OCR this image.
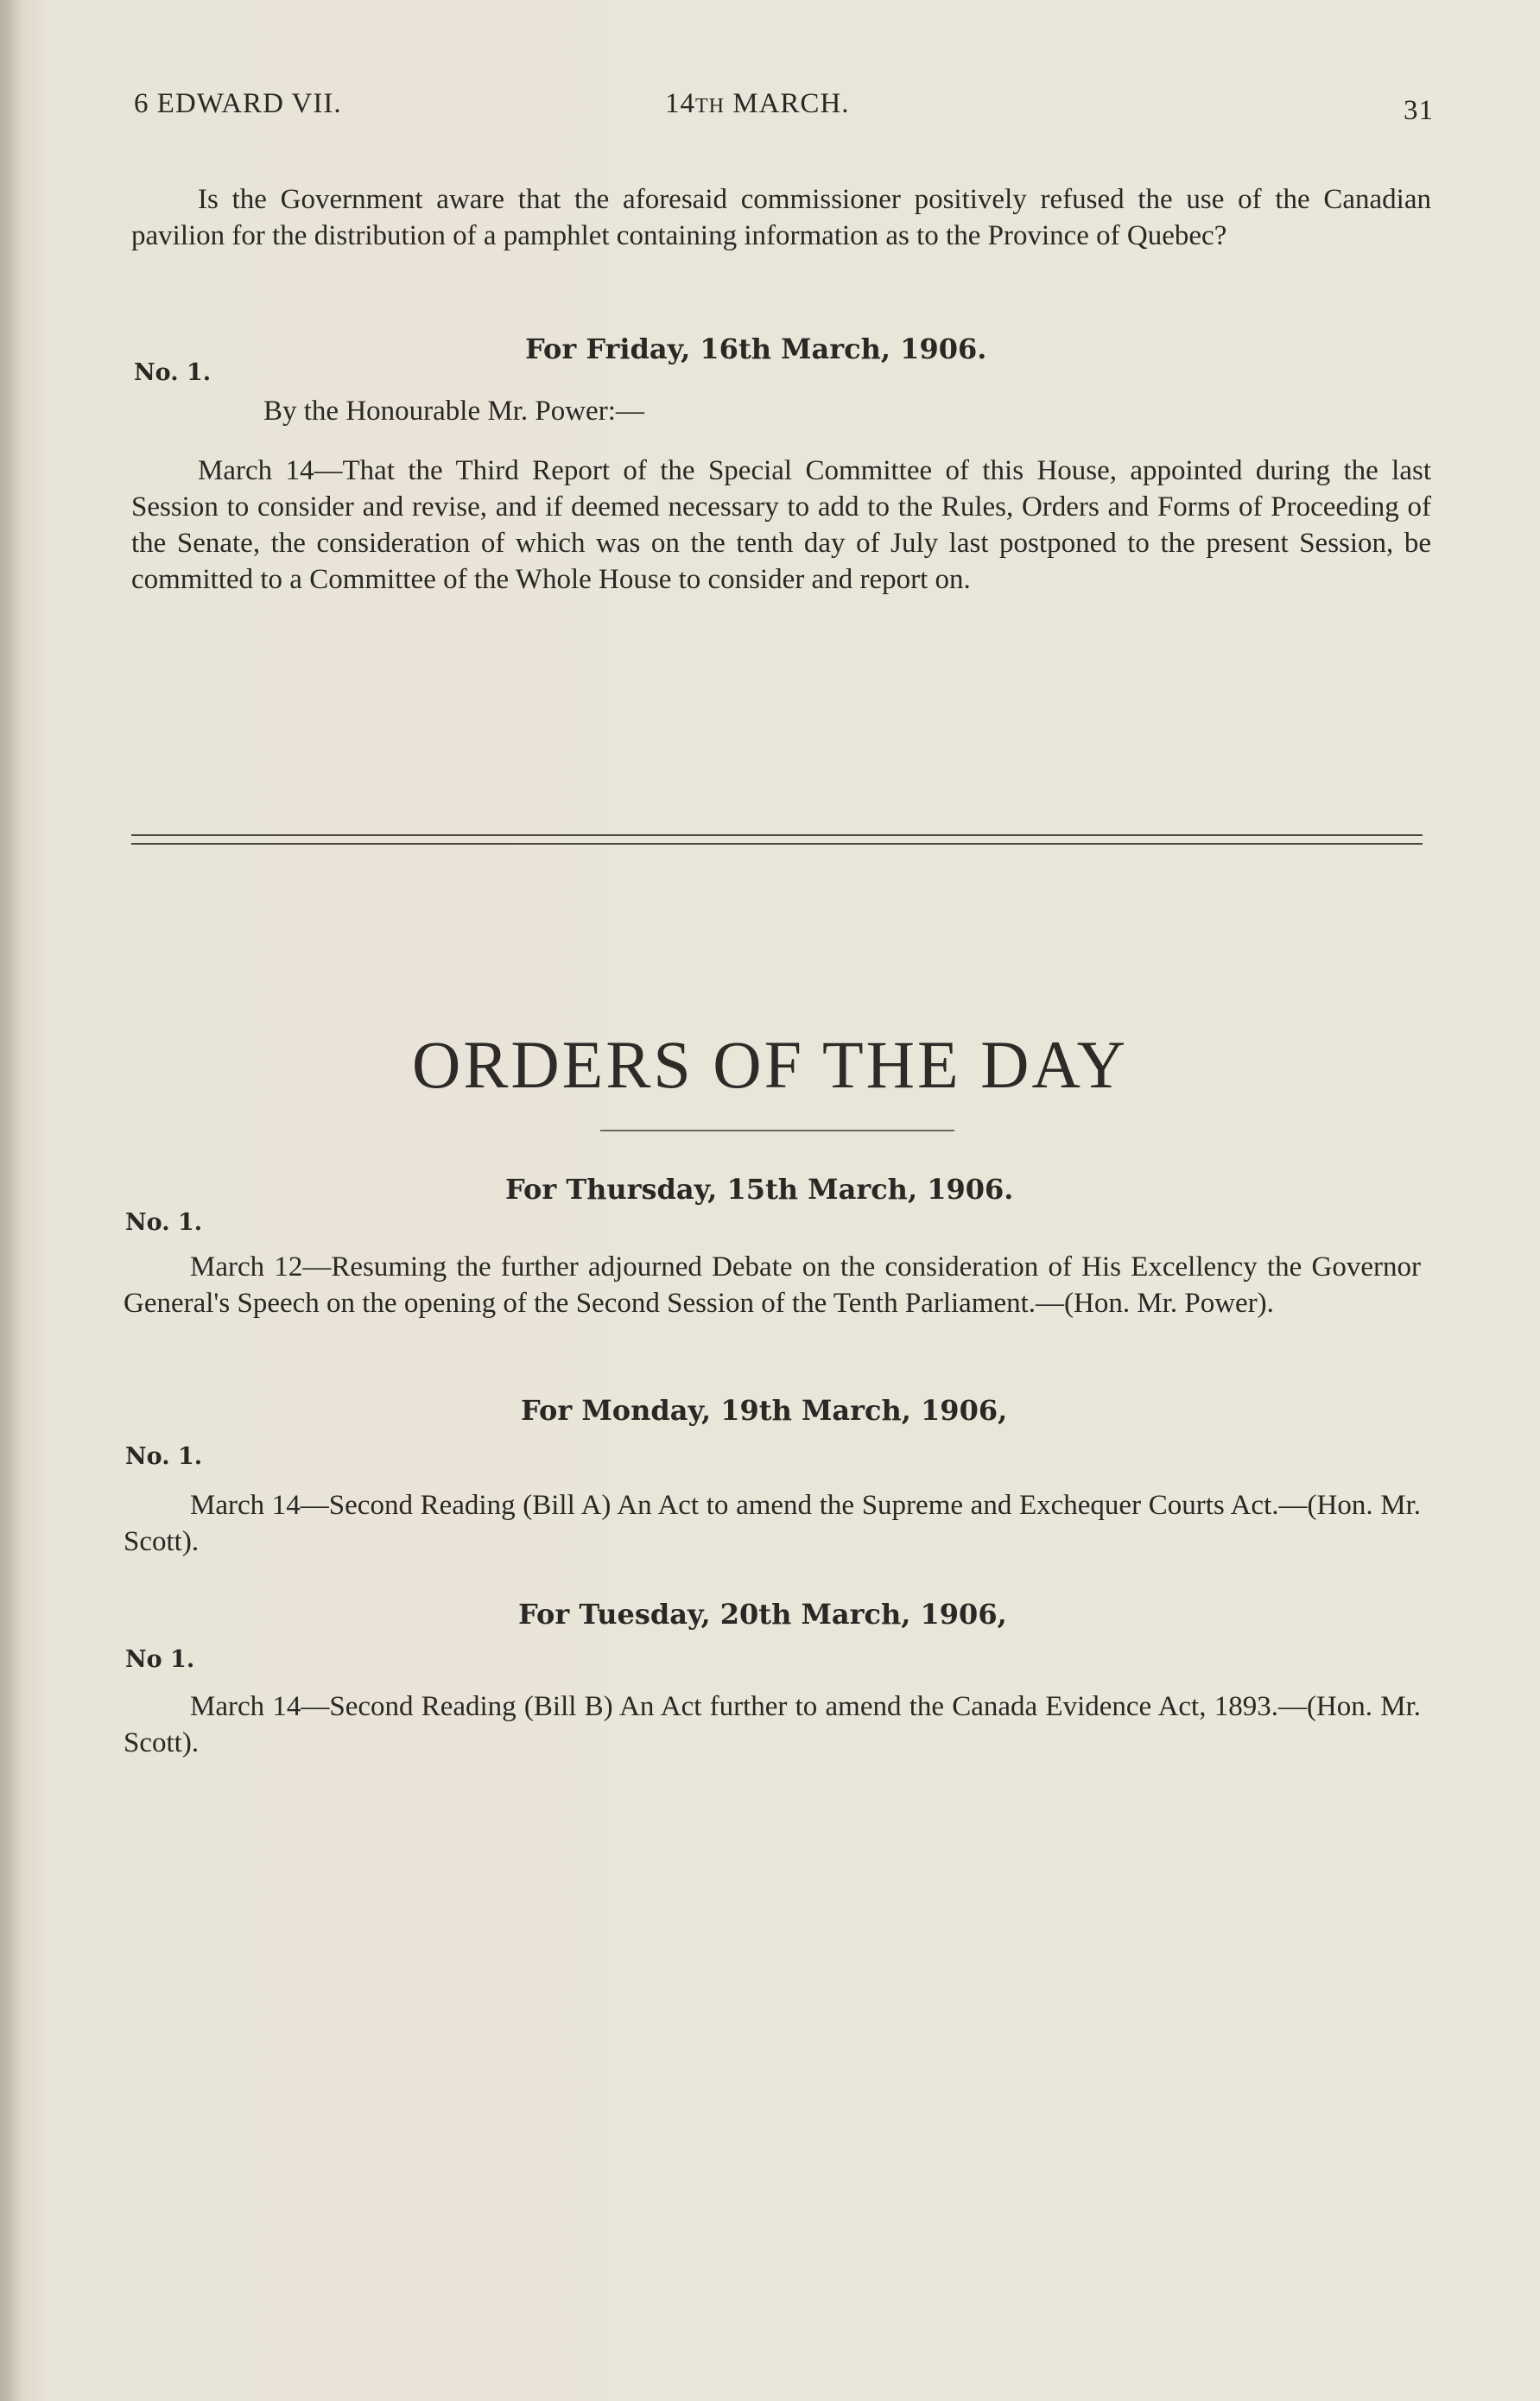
6 EDWARD VII.	14TH MARCH.	31
Is the Government aware that the aforesaid commissioner positively refused the use of the Canadian pavilion for the distribution of a pamphlet containing information as to the Province of Quebec?
For Friday, 16th March, 1906.
No. 1.
By the Honourable Mr. Power:—
March 14—That the Third Report of the Special Committee of this House, appointed during the last Session to consider and revise, and if deemed necessary to add to the Rules, Orders and Forms of Proceeding of the Senate, the consideration of which was on the tenth day of July last postponed to the present Session, be committed to a Committee of the Whole House to consider and report on.
ORDERS OF THE DAY
For Thursday, 15th March, 1906.
No. 1.
March 12—Resuming the further adjourned Debate on the consideration of His Excellency the Governor General's Speech on the opening of the Second Session of the Tenth Parliament.—(Hon. Mr. Power).
For Monday, 19th March, 1906,
No. 1.
March 14—Second Reading (Bill A) An Act to amend the Supreme and Exchequer Courts Act.—(Hon. Mr. Scott).
For Tuesday, 20th March, 1906,
No 1.
March 14—Second Reading (Bill B) An Act further to amend the Canada Evidence Act, 1893.—(Hon. Mr. Scott).
